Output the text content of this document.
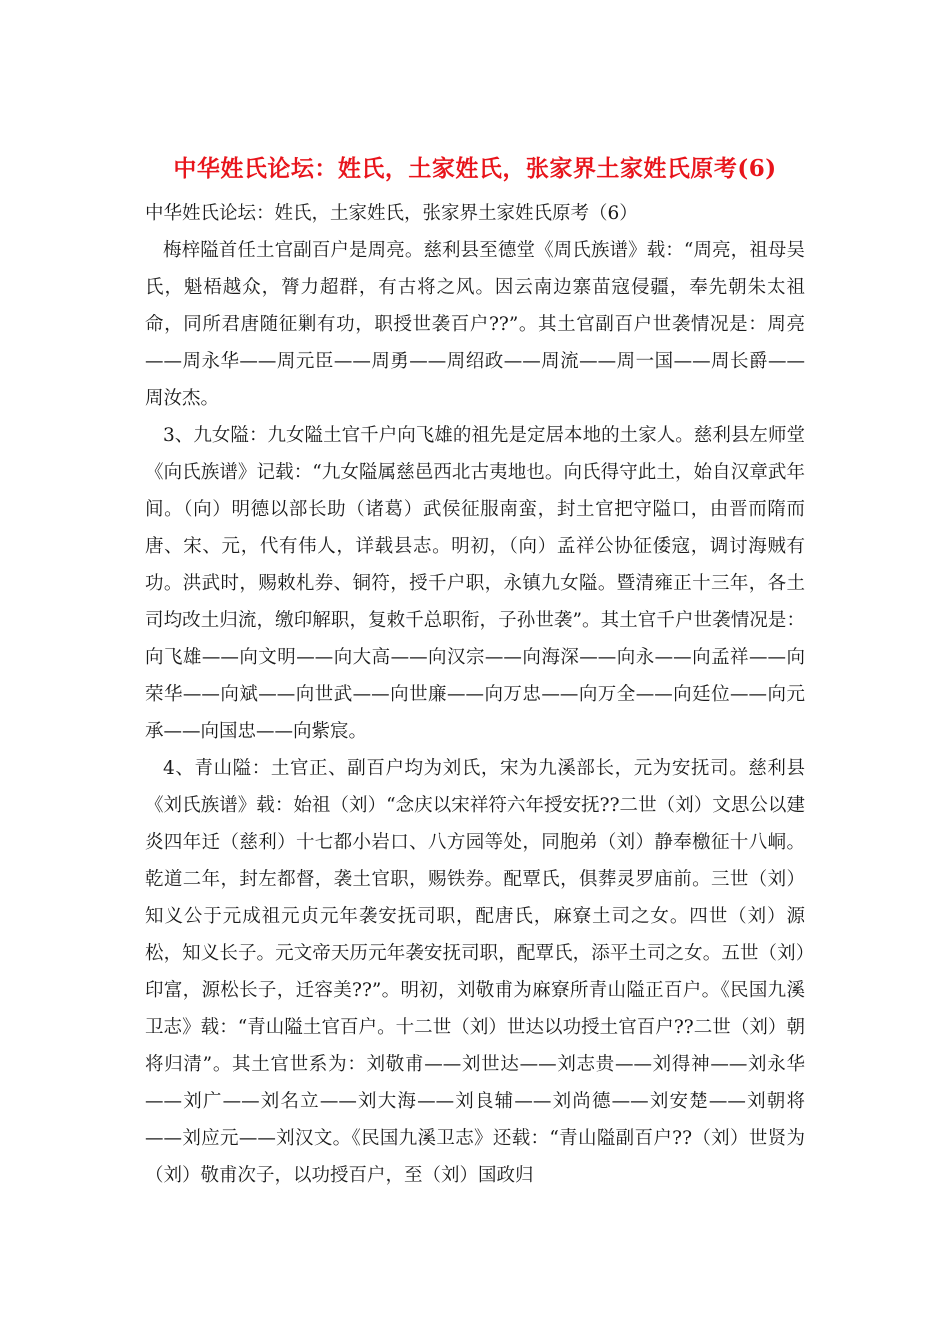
中华姓氏论坛：姓氏，土家姓氏，张家界土家姓氏原考(6)

中华姓氏论坛：姓氏，土家姓氏，张家界土家姓氏原考（6）

梅梓隘首任土官副百户是周亮。慈利县至德堂《周氏族谱》载：“周亮，祖母吴氏，魁梧越众，膂力超群，有古将之风。因云南边寨苗寇侵疆，奉先朝朱太祖命，同所君唐随征剿有功，职授世袭百户??”。其土官副百户世袭情况是：周亮——周永华——周元臣——周勇——周绍政——周流——周一国——周长爵——周汝杰。

3、九女隘：九女隘土官千户向飞雄的祖先是定居本地的土家人。慈利县左师堂《向氏族谱》记载：“九女隘属慈邑西北古夷地也。向氏得守此土，始自汉章武年间。（向）明德以部长助（诸葛）武侯征服南蛮，封土官把守隘口，由晋而隋而唐、宋、元，代有伟人，详载县志。明初，（向）孟祥公协征倭寇，调讨海贼有功。洪武时，赐敕札券、铜符，授千户职，永镇九女隘。暨清雍正十三年，各土司均改土归流，缴印解职，复敕千总职衔，子孙世袭”。其土官千户世袭情况是：向飞雄——向文明——向大高——向汉宗——向海深——向永——向孟祥——向荣华——向斌——向世武——向世廉——向万忠——向万全——向廷位——向元承——向国忠——向紫宸。

4、青山隘：土官正、副百户均为刘氏，宋为九溪部长，元为安抚司。慈利县《刘氏族谱》载：始祖（刘）“念庆以宋祥符六年授安抚??二世（刘）文思公以建炎四年迁（慈利）十七都小岩口、八方园等处，同胞弟（刘）静奉檄征十八峒。乾道二年，封左都督，袭土官职，赐铁券。配覃氏，俱葬灵罗庙前。三世（刘）知义公于元成祖元贞元年袭安抚司职，配唐氏，麻寮土司之女。四世（刘）源松，知义长子。元文帝天历元年袭安抚司职，配覃氏，添平土司之女。五世（刘）印富，源松长子，迁容美??”。明初，刘敬甫为麻寮所青山隘正百户。《民国九溪卫志》载：“青山隘土官百户。十二世（刘）世达以功授土官百户??二世（刘）朝将归清”。其土官世系为：刘敬甫——刘世达——刘志贵——刘得神——刘永华——刘广——刘名立——刘大海——刘良辅——刘尚德——刘安楚——刘朝将——刘应元——刘汉文。《民国九溪卫志》还载：“青山隘副百户??（刘）世贤为（刘）敬甫次子，以功授百户，至（刘）国政归
